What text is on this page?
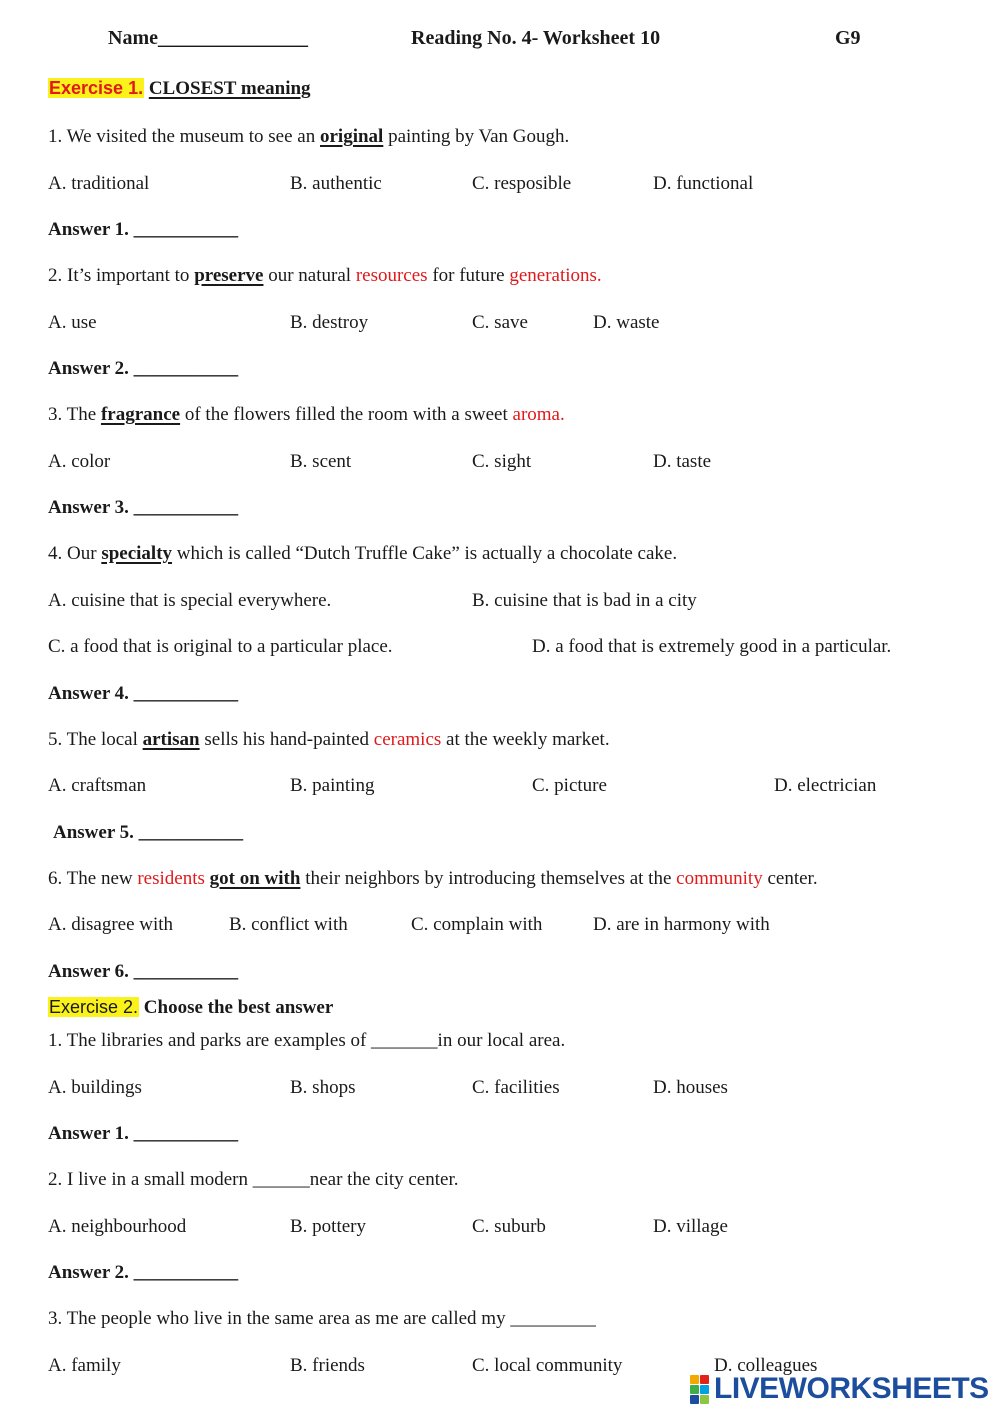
Name_______________	Reading No. 4- Worksheet 10	G9
Exercise 1. CLOSEST meaning
1. We visited the museum to see an original painting by Van Gough.
A. traditional	B. authentic	C. resposible	D. functional
Answer 1. ___________
2. It’s important to preserve our natural resources for future generations.
A. use	B. destroy	C. save	D. waste
Answer 2. ___________
3. The fragrance of the flowers filled the room with a sweet aroma.
A. color	B. scent	C. sight	D. taste
Answer 3. ___________
4. Our specialty which is called “Dutch Truffle Cake” is actually a chocolate cake.
A. cuisine that is special everywhere.	B. cuisine that is bad in a city
C. a food that is original to a particular place.	D. a food that is extremely good in a particular.
Answer 4. ___________
5. The local artisan sells his hand-painted ceramics at the weekly market.
A. craftsman	B. painting	C. picture	D. electrician
Answer 5. ___________
6. The new residents got on with their neighbors by introducing themselves at the community center.
A. disagree with	B. conflict with	C. complain with	D. are in harmony with
Answer 6. ___________
Exercise 2. Choose the best answer
1. The libraries and parks are examples of _______in our local area.
A. buildings	B. shops	C. facilities	D. houses
Answer 1. ___________
2. I live in a small modern ______near the city center.
A. neighbourhood	B. pottery	C. suburb	D. village
Answer 2. ___________
3. The people who live in the same area as me are called my _________
A. family	B. friends	C. local community	D. colleagues
LIVEWORKSHEETS
